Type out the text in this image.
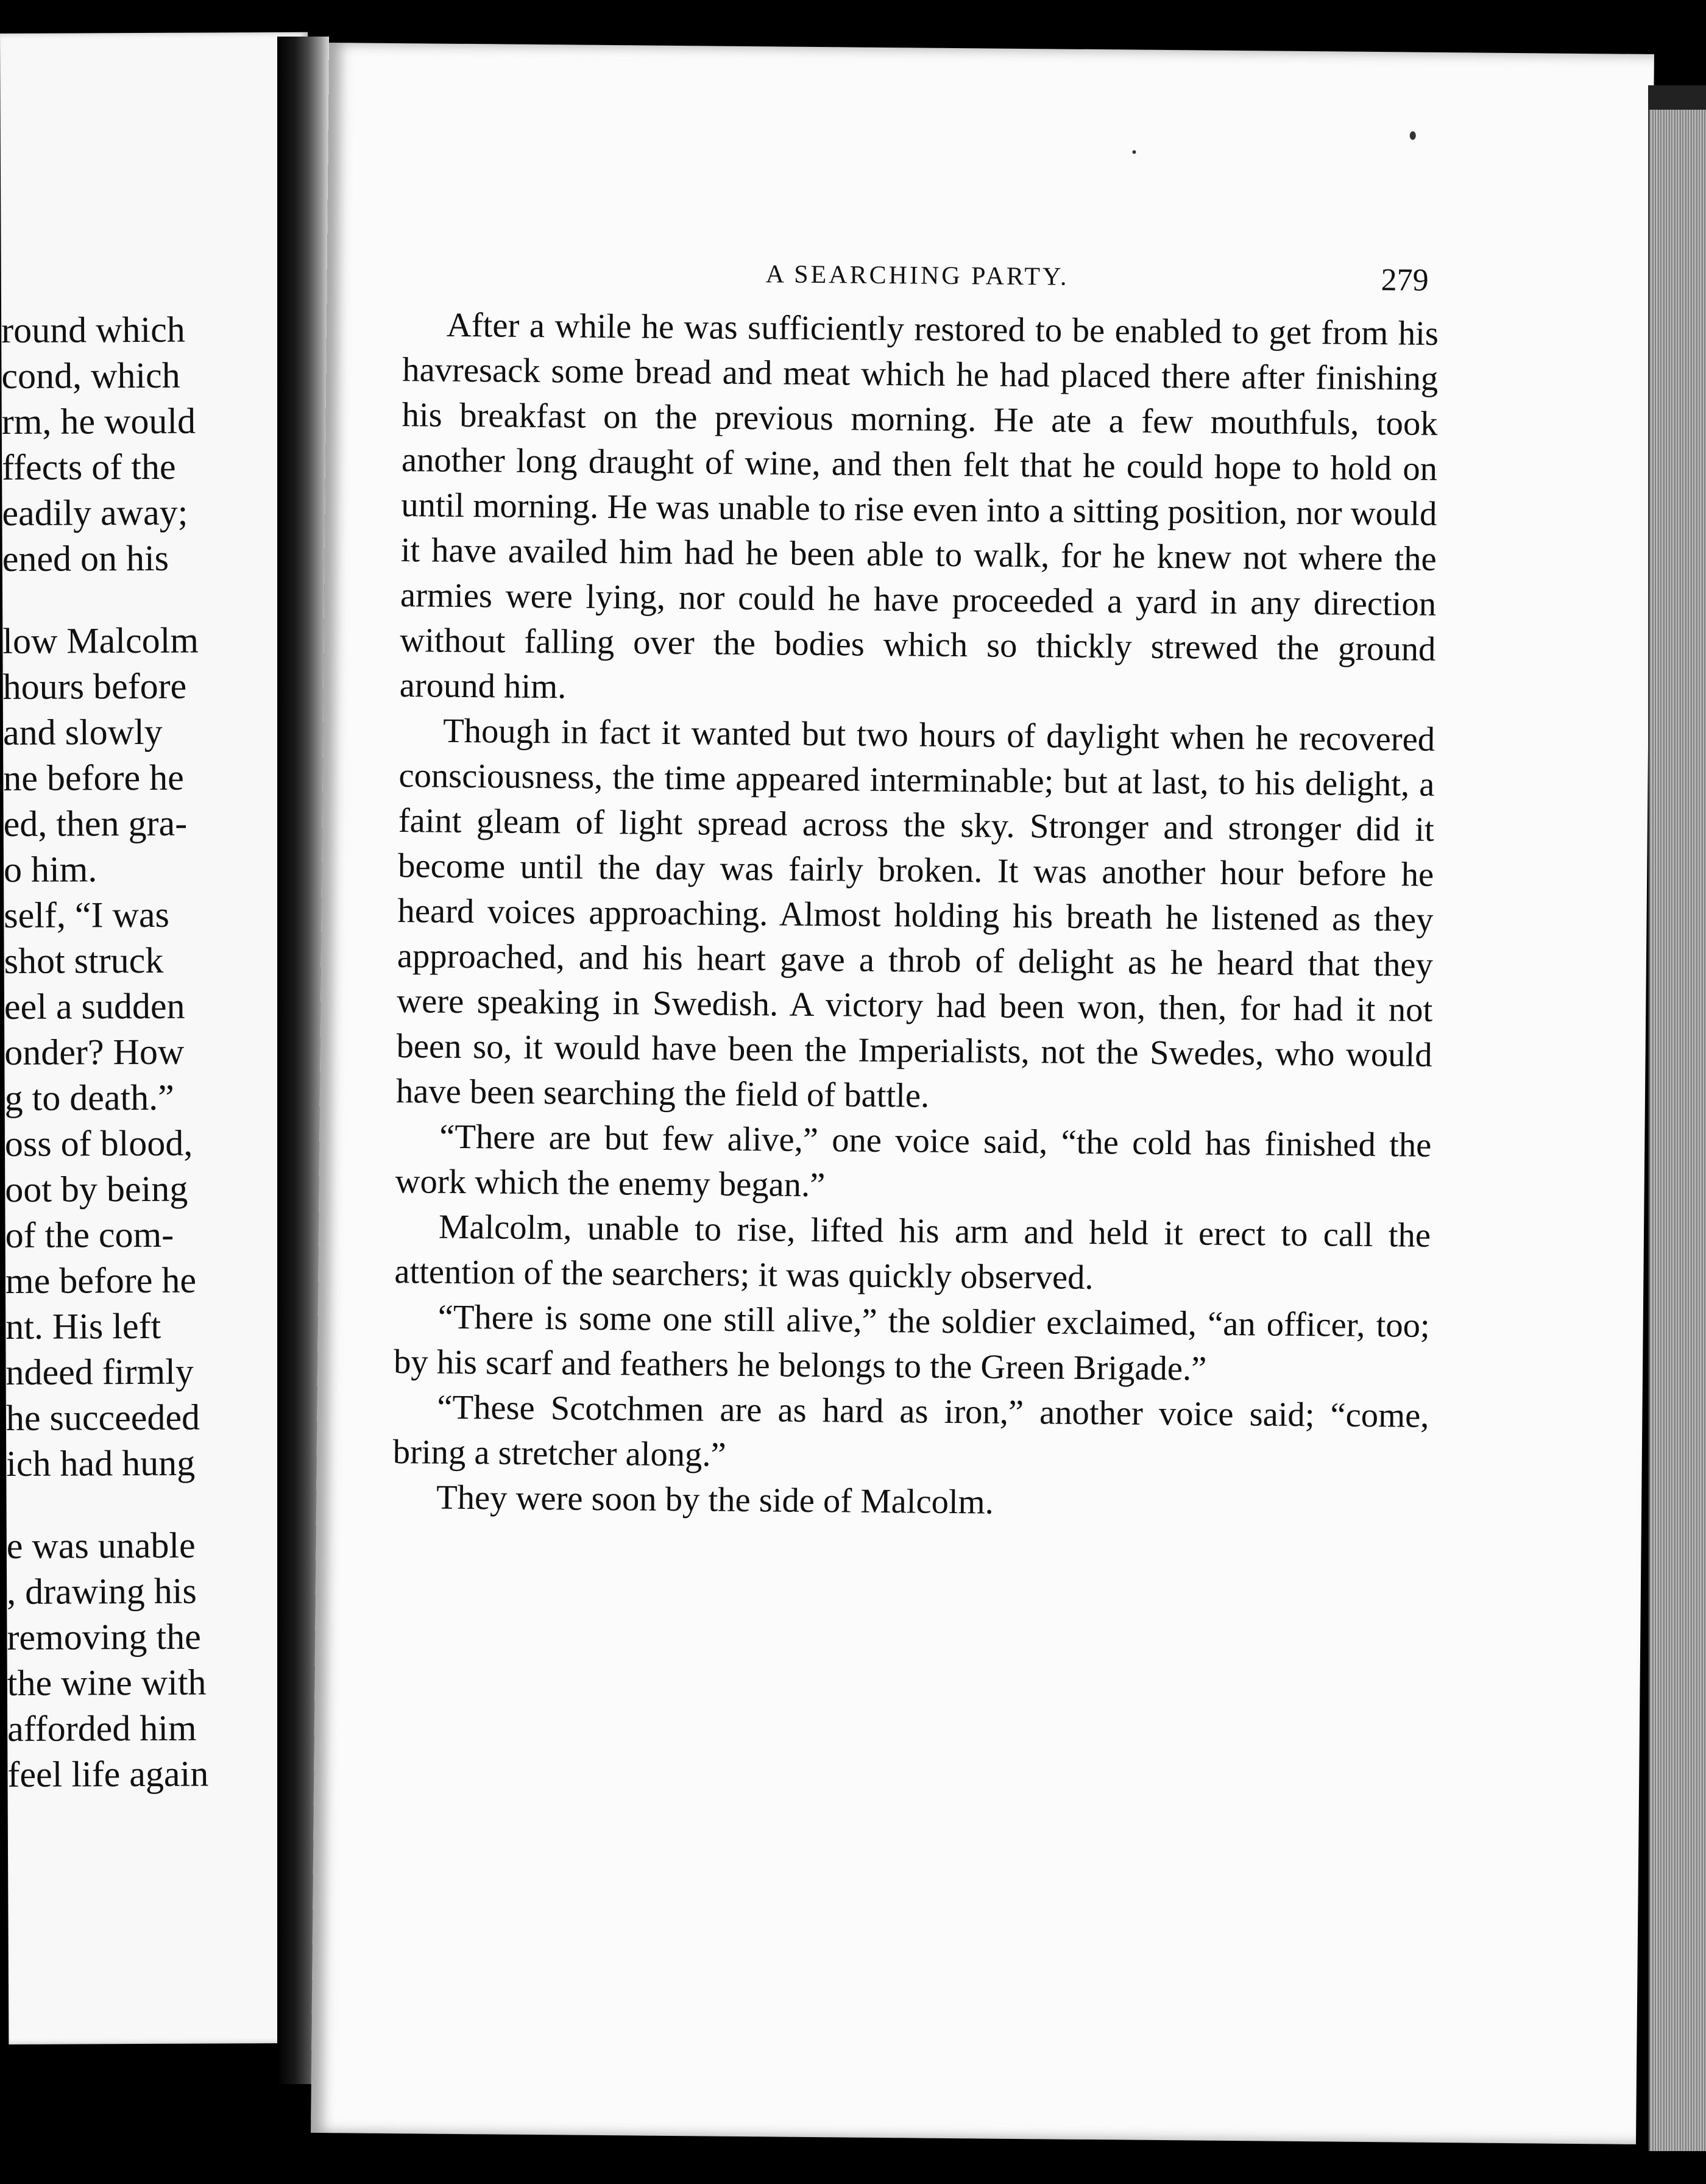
round which
cond, which
rm, he would
ffects of the
eadily away;
ened on his
low Malcolm
hours before
and slowly
ne before he
ed, then gra-
o him.
self, “I was
shot struck
eel a sudden
onder? How
g to death.”
oss of blood,
oot by being
of the com-
me before he
nt. His left
ndeed firmly
he succeeded
ich had hung
e was unable
, drawing his
removing the
the wine with
afforded him
feel life again
A SEARCHING PARTY.	279

After a while he was sufficiently restored to be enabled to get from his havresack some bread and meat which he had placed there after finishing his breakfast on the previous morning. He ate a few mouthfuls, took another long draught of wine, and then felt that he could hope to hold on until morning. He was unable to rise even into a sitting position, nor would it have availed him had he been able to walk, for he knew not where the armies were lying, nor could he have proceeded a yard in any direction without falling over the bodies which so thickly strewed the ground around him.

Though in fact it wanted but two hours of daylight when he recovered consciousness, the time appeared interminable; but at last, to his delight, a faint gleam of light spread across the sky. Stronger and stronger did it become until the day was fairly broken. It was another hour before he heard voices approaching. Almost holding his breath he listened as they approached, and his heart gave a throb of delight as he heard that they were speaking in Swedish. A victory had been won, then, for had it not been so, it would have been the Imperialists, not the Swedes, who would have been searching the field of battle.

“There are but few alive,” one voice said, “the cold has finished the work which the enemy began.”

Malcolm, unable to rise, lifted his arm and held it erect to call the attention of the searchers; it was quickly observed.

“There is some one still alive,” the soldier exclaimed, “an officer, too; by his scarf and feathers he belongs to the Green Brigade.”

“These Scotchmen are as hard as iron,” another voice said; “come, bring a stretcher along.”

They were soon by the side of Malcolm.
